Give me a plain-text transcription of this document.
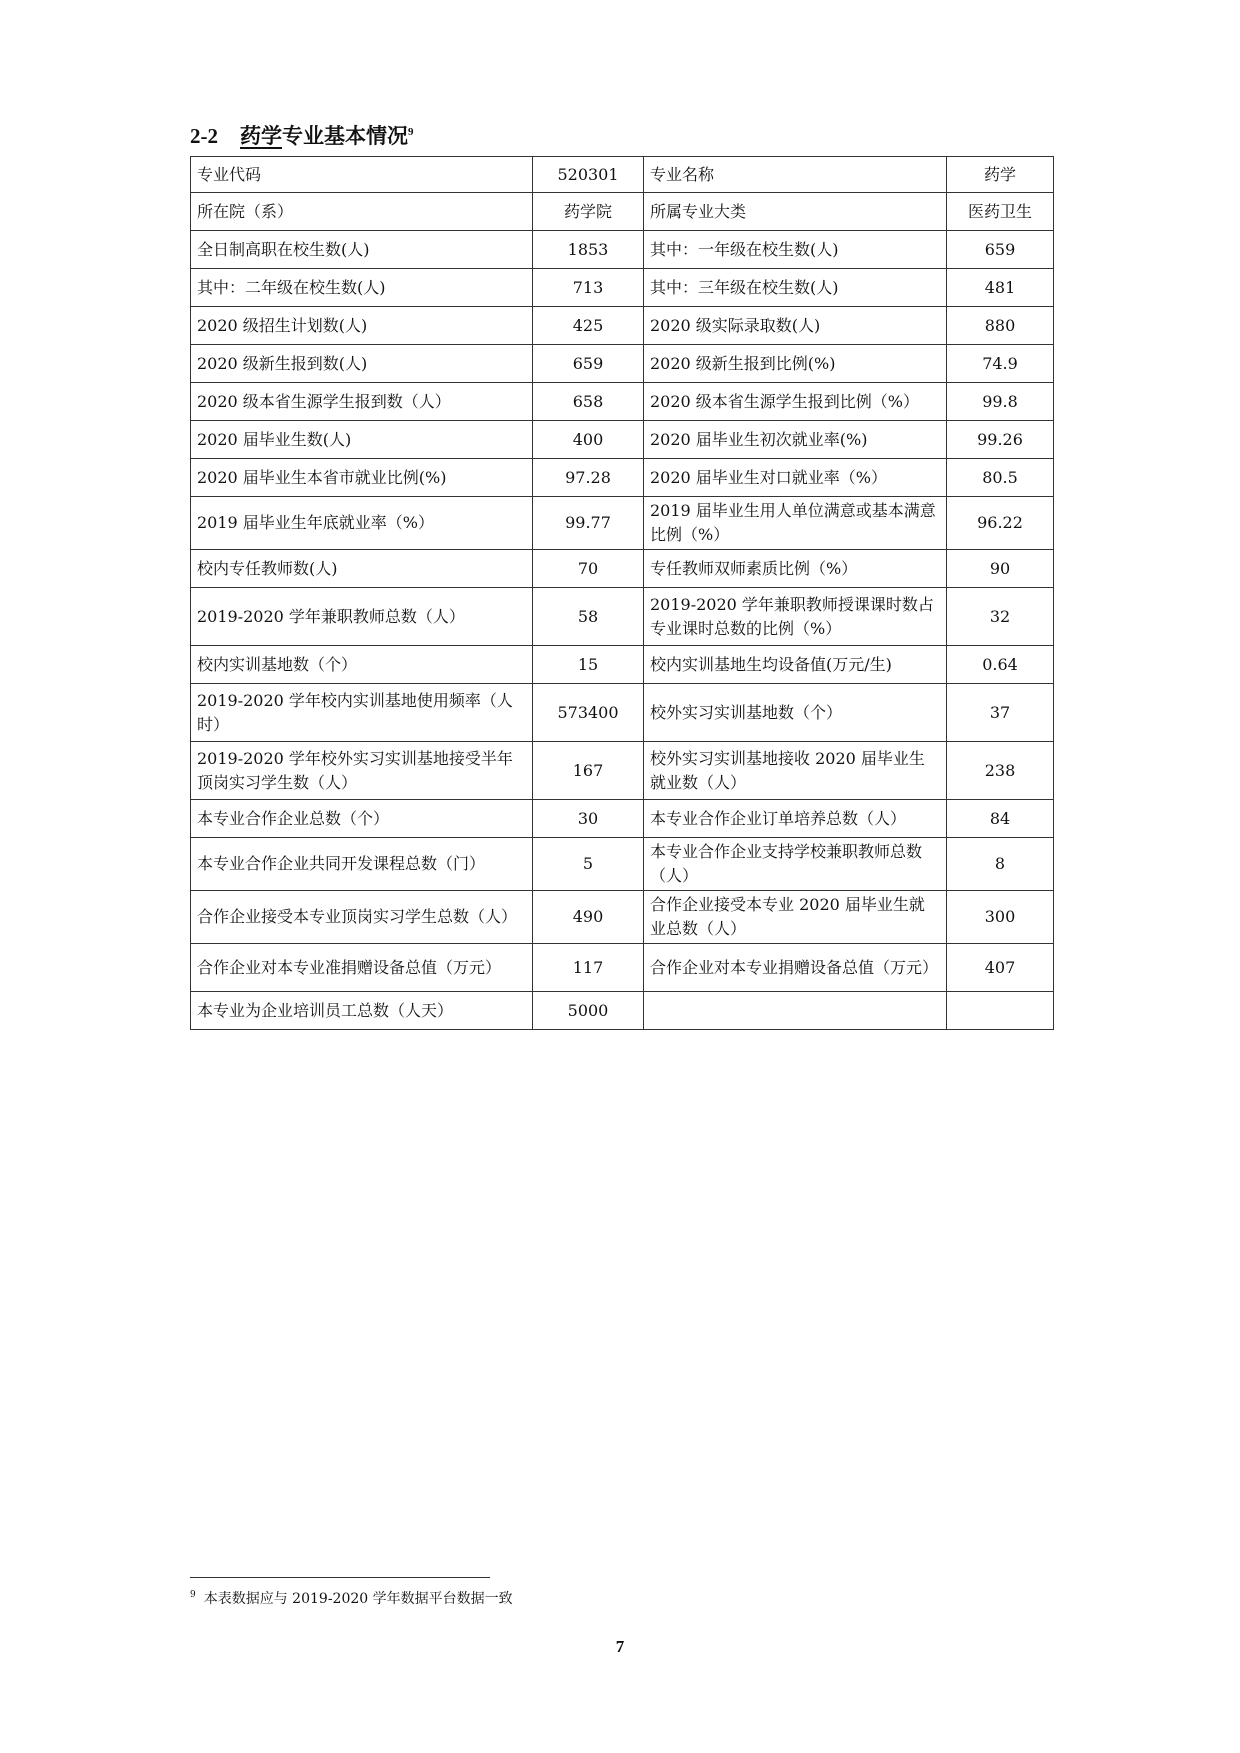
2-2 药学专业基本情况$^9$
专业代码	520301	专业名称	药学
所在院（系）	药学院	所属专业大类	医药卫生
全日制高职在校生数(人)	1853	其中：一年级在校生数(人)	659
其中：二年级在校生数(人)	713	其中：三年级在校生数(人)	481
2020 级招生计划数(人)	425	2020 级实际录取数(人)	880
2020 级新生报到数(人)	659	2020 级新生报到比例(%)	74.9
2020 级本省生源学生报到数（人）	658	2020 级本省生源学生报到比例（%）	99.8
2020 届毕业生数(人)	400	2020 届毕业生初次就业率(%)	99.26
2020 届毕业生本省市就业比例(%)	97.28	2020 届毕业生对口就业率（%）	80.5
2019 届毕业生年底就业率（%）	99.77	2019 届毕业生用人单位满意或基本满意比例（%）	96.22
校内专任教师数(人)	70	专任教师双师素质比例（%）	90
2019-2020 学年兼职教师总数（人）	58	2019-2020 学年兼职教师授课课时数占专业课时总数的比例（%）	32
校内实训基地数（个）	15	校内实训基地生均设备值(万元/生)	0.64
2019-2020 学年校内实训基地使用频率（人时）	573400	校外实习实训基地数（个）	37
2019-2020 学年校外实习实训基地接受半年顶岗实习学生数（人）	167	校外实习实训基地接收 2020 届毕业生就业数（人）	238
本专业合作企业总数（个）	30	本专业合作企业订单培养总数（人）	84
本专业合作企业共同开发课程总数（门）	5	本专业合作企业支持学校兼职教师总数（人）	8
合作企业接受本专业顶岗实习学生总数（人）	490	合作企业接受本专业 2020 届毕业生就业总数（人）	300
合作企业对本专业准捐赠设备总值（万元）	117	合作企业对本专业捐赠设备总值（万元）	407
本专业为企业培训员工总数（人天）	5000		
$^9$ 本表数据应与 2019-2020 学年数据平台数据一致
7
